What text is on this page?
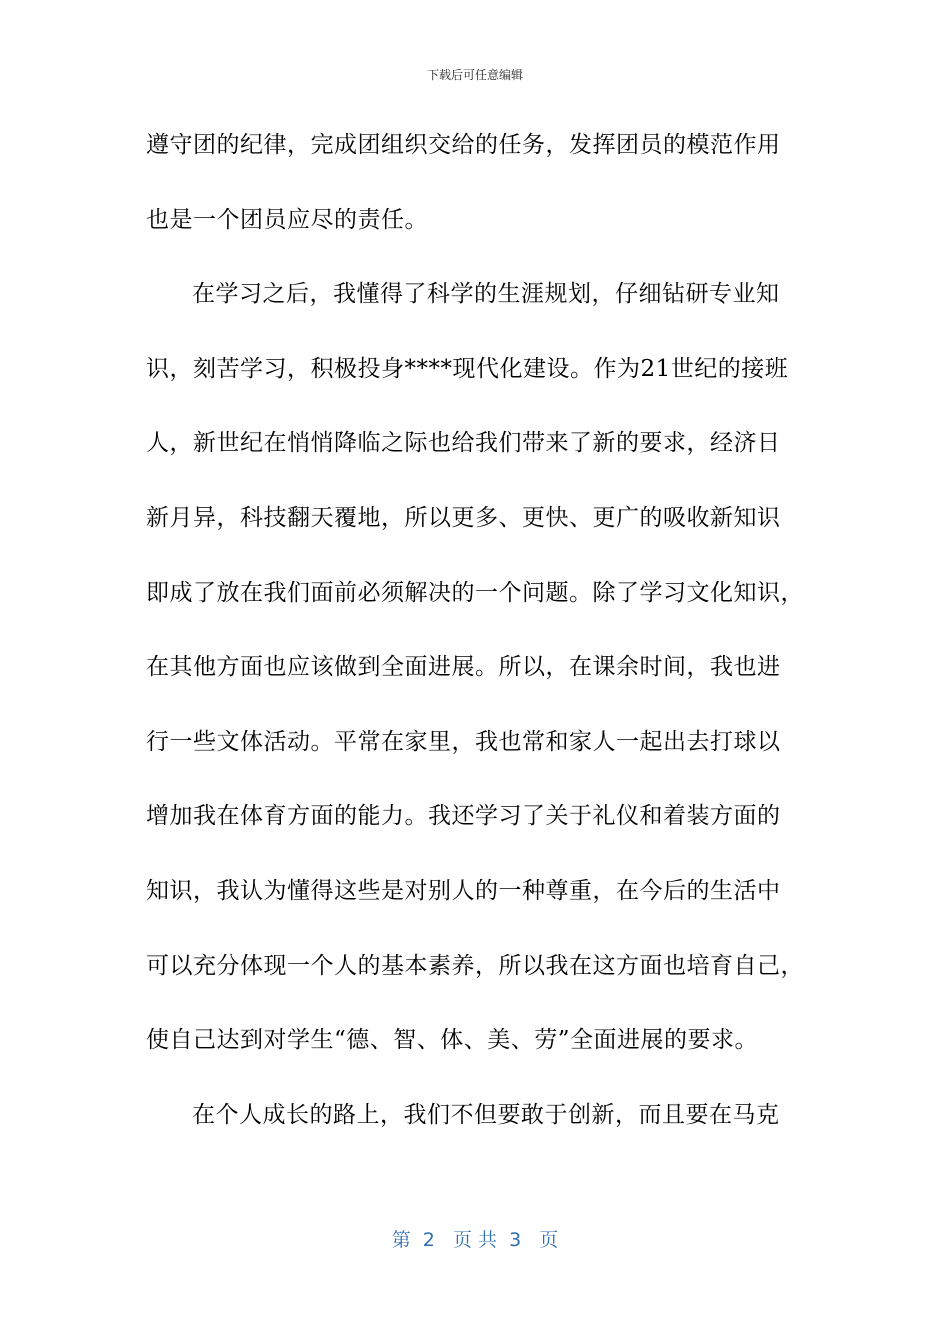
下载后可任意编辑
遵守团的纪律，完成团组织交给的任务，发挥团员的模范作用
也是一个团员应尽的责任。
在学习之后，我懂得了科学的生涯规划，仔细钻研专业知
识，刻苦学习，积极投身****现代化建设。作为21世纪的接班
人，新世纪在悄悄降临之际也给我们带来了新的要求，经济日
新月异，科技翻天覆地，所以更多、更快、更广的吸收新知识
即成了放在我们面前必须解决的一个问题。除了学习文化知识，
在其他方面也应该做到全面进展。所以，在课余时间，我也进
行一些文体活动。平常在家里，我也常和家人一起出去打球以
增加我在体育方面的能力。我还学习了关于礼仪和着装方面的
知识，我认为懂得这些是对别人的一种尊重，在今后的生活中
可以充分体现一个人的基本素养，所以我在这方面也培育自己，
使自己达到对学生“德、智、体、美、劳”全面进展的要求。
在个人成长的路上，我们不但要敢于创新，而且要在马克
第  2   页 共  3   页
